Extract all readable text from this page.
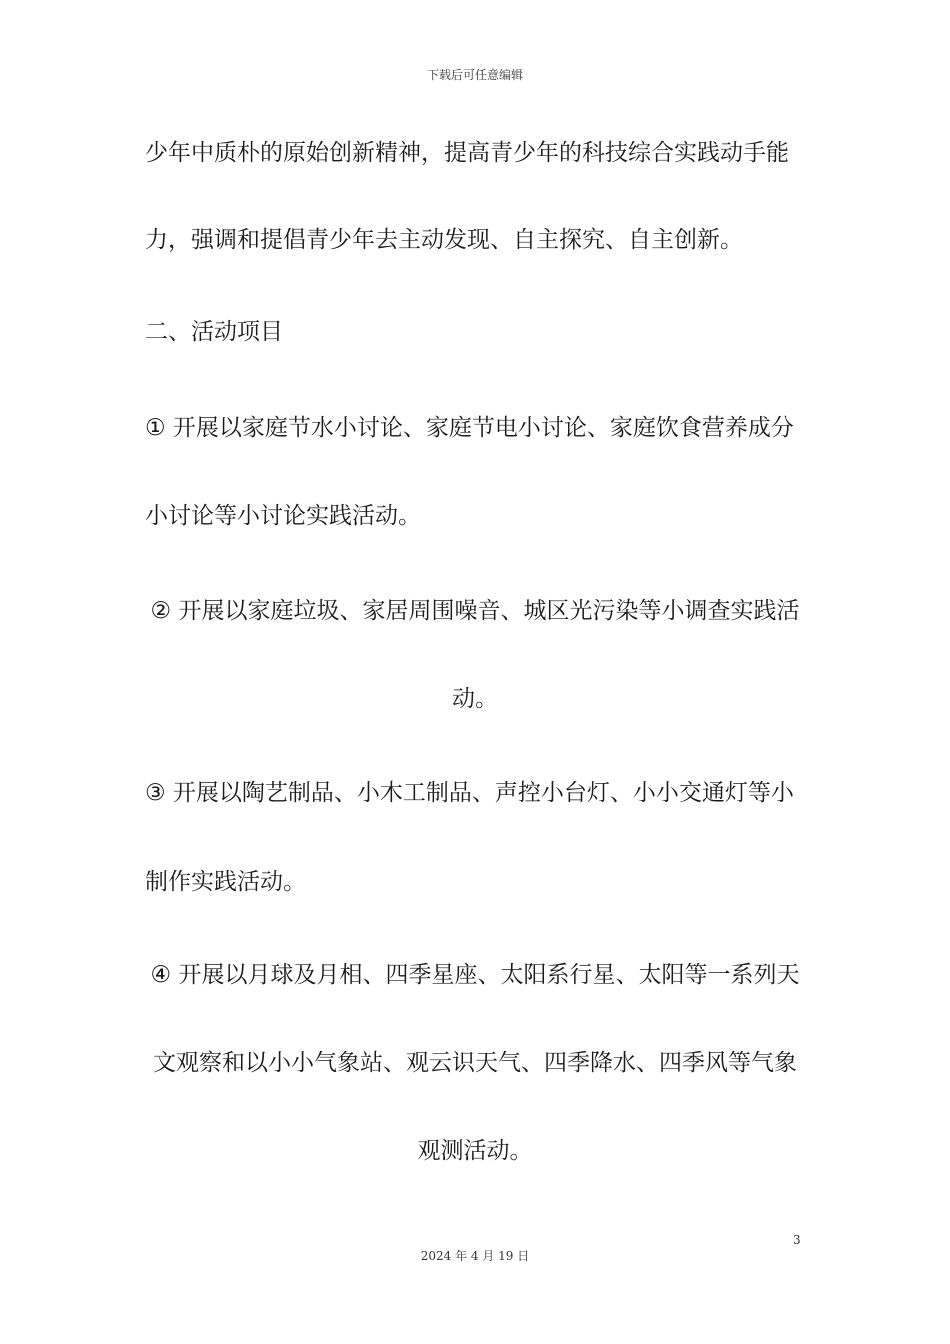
下载后可任意编辑
少年中质朴的原始创新精神，提高青少年的科技综合实践动手能
力，强调和提倡青少年去主动发现、自主探究、自主创新。
二、活动项目
① 开展以家庭节水小讨论、家庭节电小讨论、家庭饮食营养成分
小讨论等小讨论实践活动。
② 开展以家庭垃圾、家居周围噪音、城区光污染等小调查实践活
动。
③ 开展以陶艺制品、小木工制品、声控小台灯、小小交通灯等小
制作实践活动。
④ 开展以月球及月相、四季星座、太阳系行星、太阳等一系列天
文观察和以小小气象站、观云识天气、四季降水、四季风等气象
观测活动。
3
2024 年 4 月 19 日
